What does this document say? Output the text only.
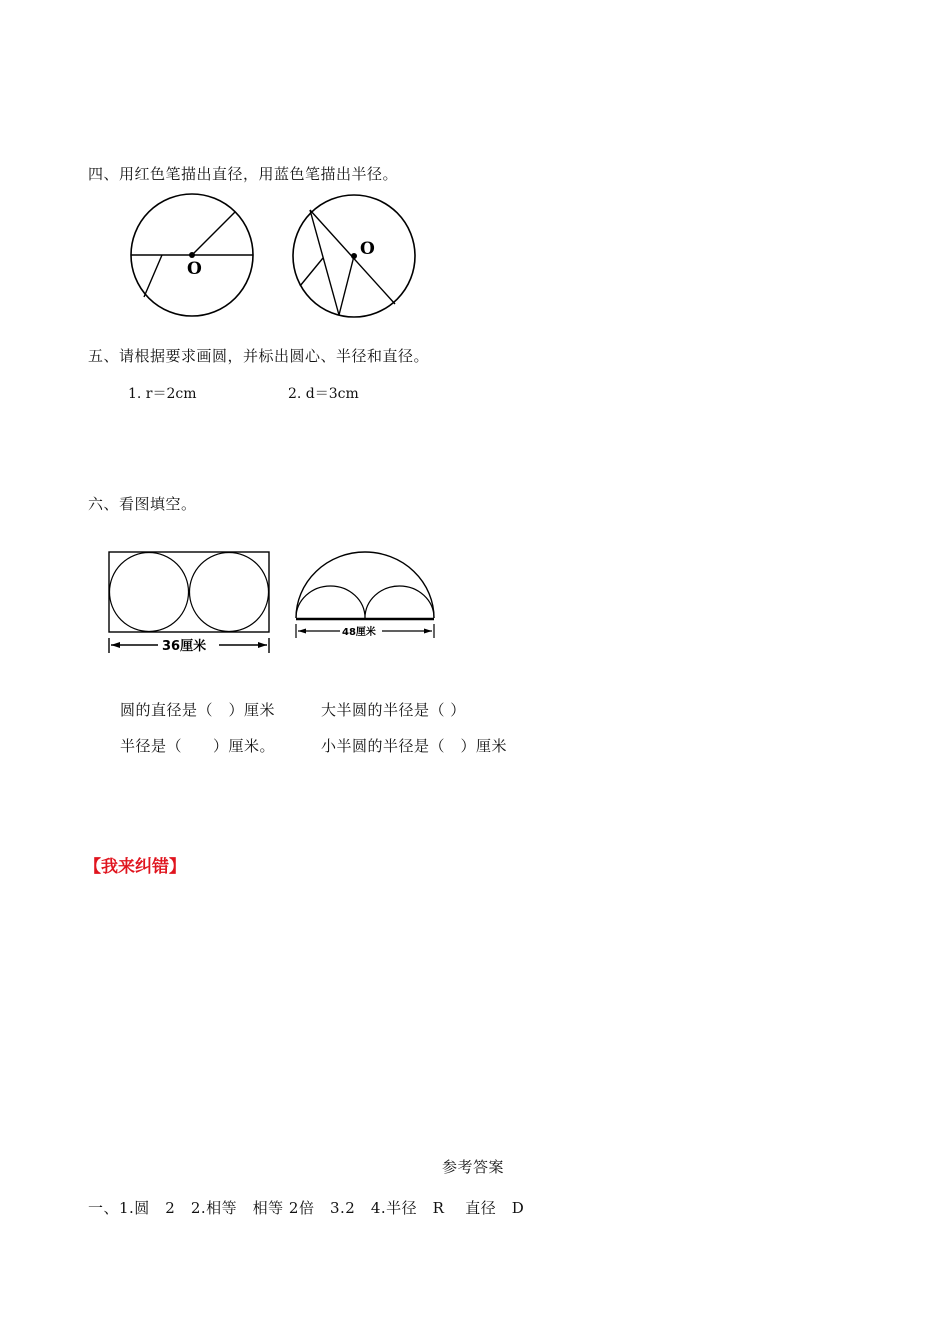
四、用红色笔描出直径，用蓝色笔描出半径。
O
O
五、请根据要求画圆，并标出圆心、半径和直径。
1. r＝2cm	2. d＝3cm
六、看图填空。
36厘米
48厘米
圆的直径是（　）厘米	大半圆的半径是（ ）
半径是（　　）厘米。	小半圆的半径是（　）厘米
【我来纠错】
参考答案
一、1.圆　2　2.相等　相等 2倍　3.2　4.半径　R　 直径　D
